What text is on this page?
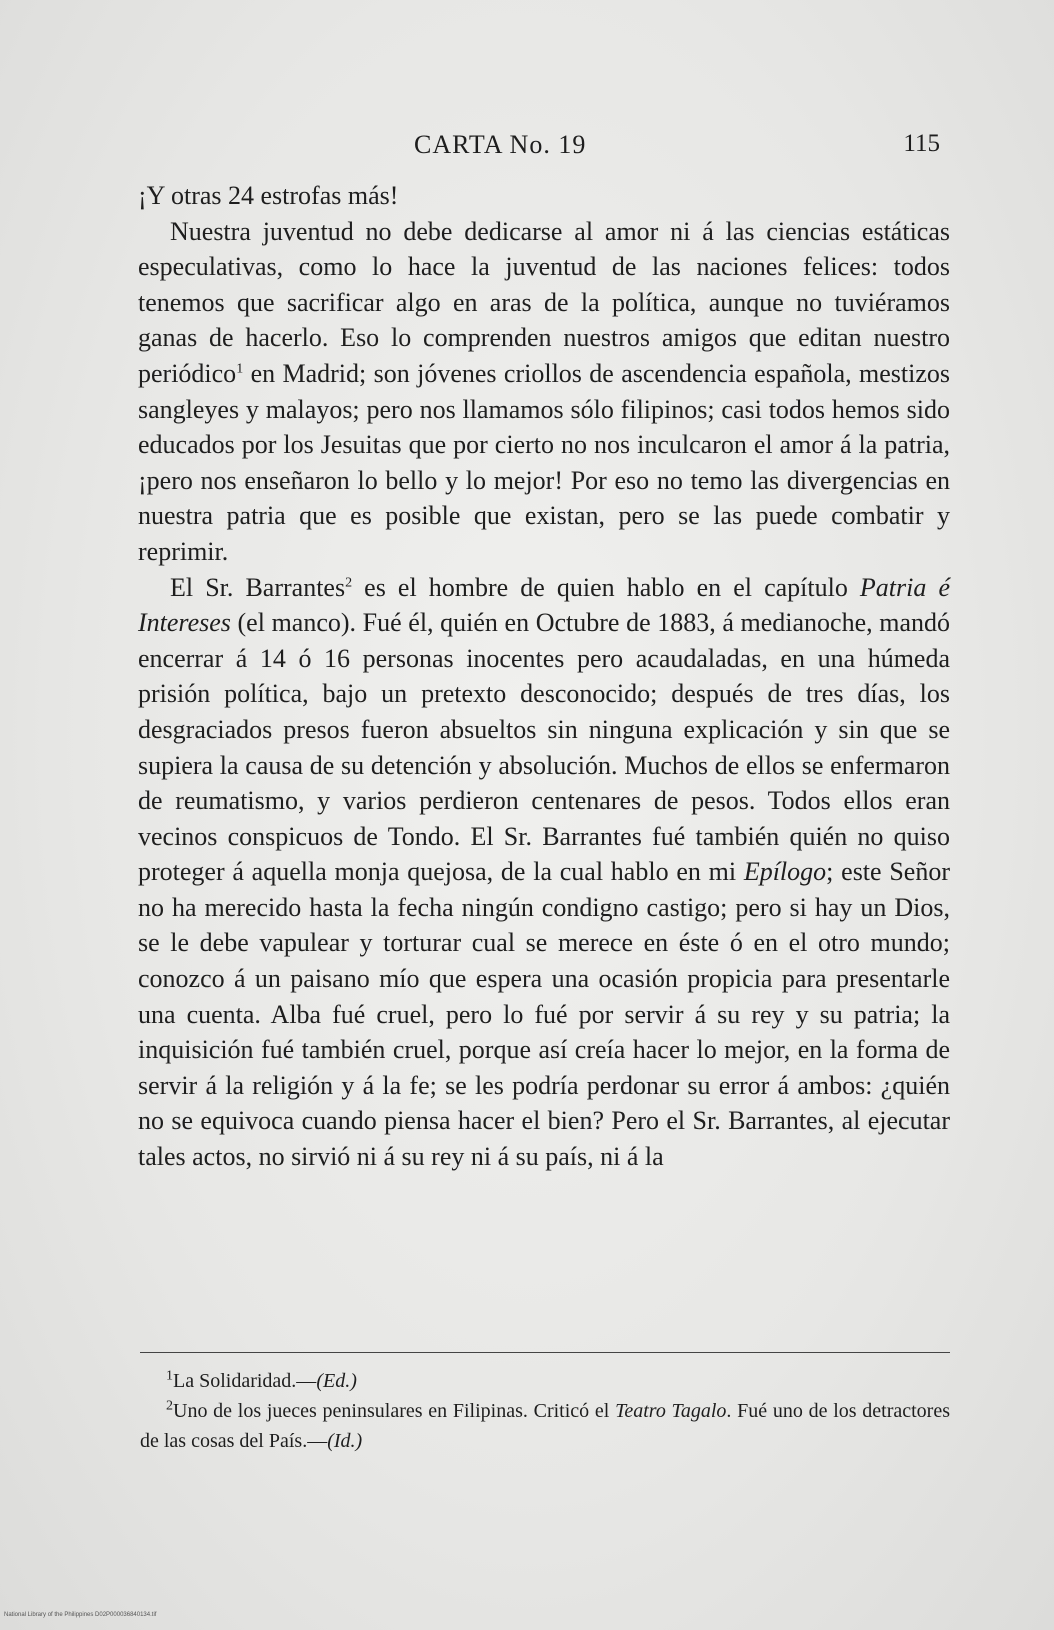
CARTA No. 19	115

¡Y otras 24 estrofas más!

Nuestra juventud no debe dedicarse al amor ni á las ciencias estáticas especulativas, como lo hace la juventud de las naciones felices: todos tenemos que sacrificar algo en aras de la política, aunque no tuviéramos ganas de hacerlo. Eso lo comprenden nuestros amigos que editan nuestro periódico$^1$ en Madrid; son jóvenes criollos de ascendencia española, mestizos sangleyes y malayos; pero nos llamamos sólo filipinos; casi todos hemos sido educados por los Jesuitas que por cierto no nos inculcaron el amor á la patria, ¡pero nos enseñaron lo bello y lo mejor! Por eso no temo las divergencias en nuestra patria que es posible que existan, pero se las puede combatir y reprimir.

El Sr. Barrantes$^2$ es el hombre de quien hablo en el capítulo Patria é Intereses (el manco). Fué él, quién en Octubre de 1883, á medianoche, mandó encerrar á 14 ó 16 personas inocentes pero acaudaladas, en una húmeda prisión política, bajo un pretexto desconocido; después de tres días, los desgraciados presos fueron absueltos sin ninguna explicación y sin que se supiera la causa de su detención y absolución. Muchos de ellos se enfermaron de reumatismo, y varios perdieron centenares de pesos. Todos ellos eran vecinos conspicuos de Tondo. El Sr. Barrantes fué también quién no quiso proteger á aquella monja quejosa, de la cual hablo en mi Epílogo; este Señor no ha merecido hasta la fecha ningún condigno castigo; pero si hay un Dios, se le debe vapulear y torturar cual se merece en éste ó en el otro mundo; conozco á un paisano mío que espera una ocasión propicia para presentarle una cuenta. Alba fué cruel, pero lo fué por servir á su rey y su patria; la inquisición fué también cruel, porque así creía hacer lo mejor, en la forma de servir á la religión y á la fe; se les podría perdonar su error á ambos: ¿quién no se equivoca cuando piensa hacer el bien? Pero el Sr. Barrantes, al ejecutar tales actos, no sirvió ni á su rey ni á su país, ni á la

$^1$La Solidaridad.—(Ed.)

$^2$Uno de los jueces peninsulares en Filipinas. Criticó el Teatro Tagalo. Fué uno de los detractores de las cosas del País.—(Id.)

National Library of the Philippines D02P000036840134.tif
